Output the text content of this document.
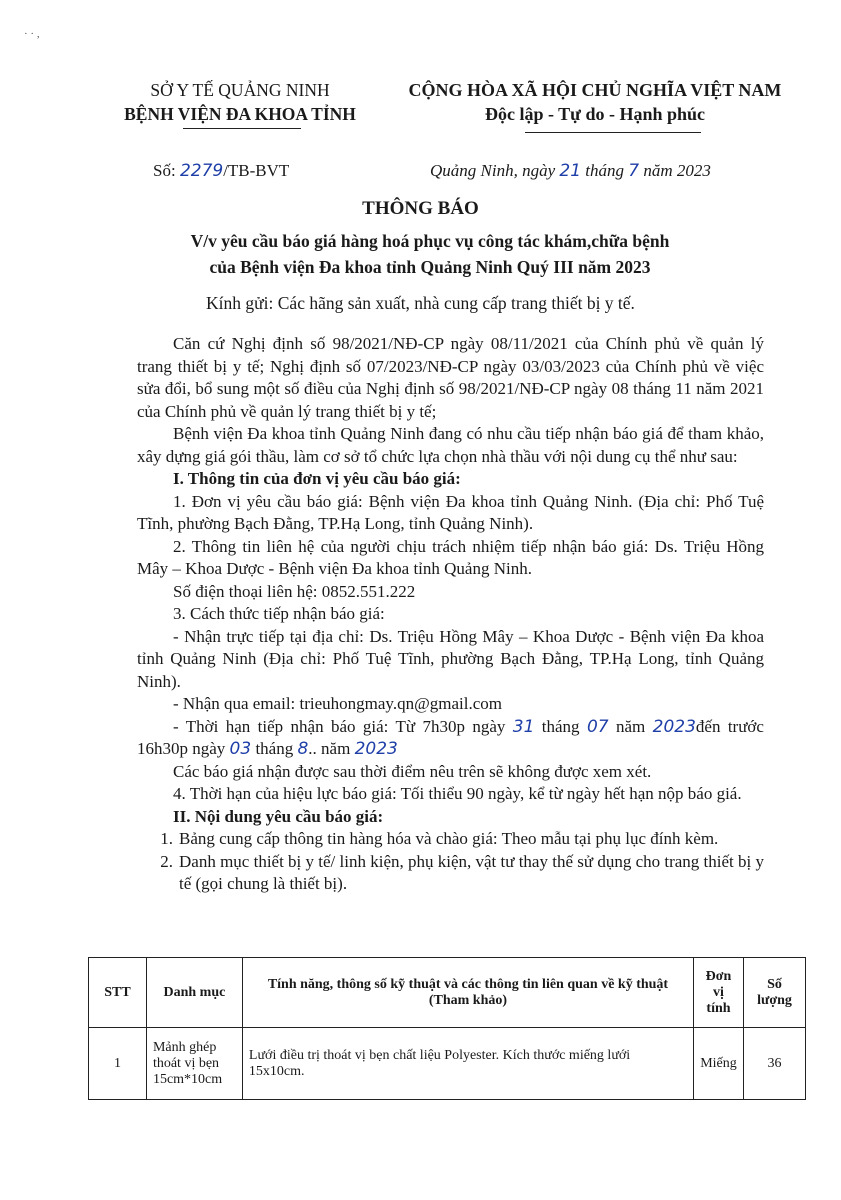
· · ,
SỞ Y TẾ QUẢNG NINH
BỆNH VIỆN ĐA KHOA TỈNH
CỘNG HÒA XÃ HỘI CHỦ NGHĨA VIỆT NAM
Độc lập - Tự do - Hạnh phúc
Số: 2279/TB-BVT	Quảng Ninh, ngày 21 tháng 7 năm 2023
THÔNG BÁO
V/v yêu cầu báo giá hàng hoá phục vụ công tác khám,chữa bệnh
của Bệnh viện Đa khoa tỉnh Quảng Ninh Quý III năm 2023
Kính gửi: Các hãng sản xuất, nhà cung cấp trang thiết bị y tế.

Căn cứ Nghị định số 98/2021/NĐ-CP ngày 08/11/2021 của Chính phủ về quản lý trang thiết bị y tế; Nghị định số 07/2023/NĐ-CP ngày 03/03/2023 của Chính phủ về việc sửa đổi, bổ sung một số điều của Nghị định số 98/2021/NĐ-CP ngày 08 tháng 11 năm 2021 của Chính phủ về quản lý trang thiết bị y tế;

Bệnh viện Đa khoa tỉnh Quảng Ninh đang có nhu cầu tiếp nhận báo giá để tham khảo, xây dựng giá gói thầu, làm cơ sở tổ chức lựa chọn nhà thầu với nội dung cụ thể như sau:

I. Thông tin của đơn vị yêu cầu báo giá:

1. Đơn vị yêu cầu báo giá: Bệnh viện Đa khoa tỉnh Quảng Ninh. (Địa chỉ: Phố Tuệ Tĩnh, phường Bạch Đằng, TP.Hạ Long, tỉnh Quảng Ninh).

2. Thông tin liên hệ của người chịu trách nhiệm tiếp nhận báo giá: Ds. Triệu Hồng Mây – Khoa Dược - Bệnh viện Đa khoa tỉnh Quảng Ninh.

Số điện thoại liên hệ: 0852.551.222

3. Cách thức tiếp nhận báo giá:

- Nhận trực tiếp tại địa chỉ: Ds. Triệu Hồng Mây – Khoa Dược - Bệnh viện Đa khoa tỉnh Quảng Ninh (Địa chỉ: Phố Tuệ Tĩnh, phường Bạch Đằng, TP.Hạ Long, tỉnh Quảng Ninh).

- Nhận qua email: trieuhongmay.qn@gmail.com

- Thời hạn tiếp nhận báo giá: Từ 7h30p ngày 31 tháng 07 năm 2023đến trước 16h30p ngày 03 tháng 8.. năm 2023

Các báo giá nhận được sau thời điểm nêu trên sẽ không được xem xét.

4. Thời hạn của hiệu lực báo giá: Tối thiểu 90 ngày, kể từ ngày hết hạn nộp báo giá.

II. Nội dung yêu cầu báo giá:

1. Bảng cung cấp thông tin hàng hóa và chào giá: Theo mẫu tại phụ lục đính kèm.
2. Danh mục thiết bị y tế/ linh kiện, phụ kiện, vật tư thay thế sử dụng cho trang thiết bị y tế (gọi chung là thiết bị).
STT	Danh mục	Tính năng, thông số kỹ thuật và các thông tin liên quan về kỹ thuật (Tham khảo)	Đơn vị tính	Số lượng
1	Mảnh ghép thoát vị bẹn 15cm*10cm	Lưới điều trị thoát vị bẹn chất liệu Polyester. Kích thước miếng lưới 15x10cm.	Miếng	36
